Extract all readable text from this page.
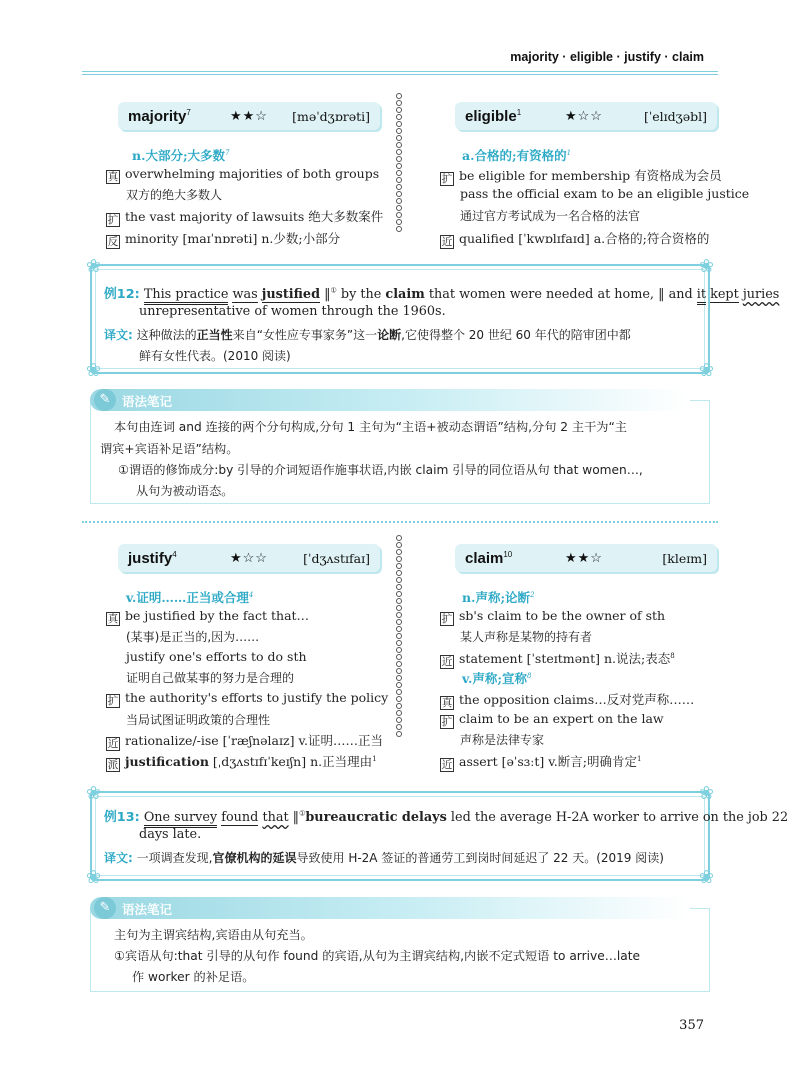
majority · eligible · justify · claim
majority$^7$	★★☆ [məˈdʒɒrəti]
n.大部分;大多数$^7$
真 overwhelming majorities of both groups
双方的绝大多数人
扩 the vast majority of lawsuits 绝大多数案件
反 minority [maɪˈnɒrəti] n.少数;小部分
eligible$^1$	★☆☆	[ˈelɪdʒəbl]
a.合格的;有资格的$^1$
扩 be eligible for membership 有资格成为会员
pass the official exam to be an eligible justice
通过官方考试成为一名合格的法官
近 qualified [ˈkwɒlɪfaɪd] a.合格的;符合资格的
❀	❀
❀	❀
例12: This practice was justified ‖① by the claim that women were needed at home, ‖ and it kept juries
unrepresentative of women through the 1960s.
译文: 这种做法的正当性来自“女性应专事家务”这一论断,它使得整个 20 世纪 60 年代的陪审团中都
鲜有女性代表。(2010 阅读)
✎ 语法笔记
本句由连词 and 连接的两个分句构成,分句 1 主句为“主语+被动态谓语”结构,分句 2 主干为“主
谓宾+宾语补足语”结构。
①谓语的修饰成分:by 引导的介词短语作施事状语,内嵌 claim 引导的同位语从句 that women…,
从句为被动语态。
justify$^4$	★☆☆	[ˈdʒʌstɪfaɪ]
v.证明……正当或合理$^4$
真 be justified by the fact that…
(某事)是正当的,因为……
justify one's efforts to do sth
证明自己做某事的努力是合理的
扩 the authority's efforts to justify the policy
当局试图证明政策的合理性
近 rationalize/-ise [ˈræʃnəlaɪz] v.证明……正当
派 justification [ˌdʒʌstɪfɪˈkeɪʃn] n.正当理由$^1$
claim$^{10}$	★★☆	[kleɪm]
n.声称;论断$^2$
扩 sb's claim to be the owner of sth
某人声称是某物的持有者
近 statement [ˈsteɪtmənt] n.说法;表态$^8$
v.声称;宣称$^8$
真 the opposition claims…反对党声称……
扩 claim to be an expert on the law
声称是法律专家
近 assert [əˈsɜːt] v.断言;明确肯定$^1$
❀	❀
❀	❀
例13: One survey found that ‖①bureaucratic delays led the average H-2A worker to arrive on the job 22
days late.
译文: 一项调查发现,官僚机构的延误导致使用 H-2A 签证的普通劳工到岗时间延迟了 22 天。(2019 阅读)
✎ 语法笔记
主句为主谓宾结构,宾语由从句充当。
①宾语从句:that 引导的从句作 found 的宾语,从句为主谓宾结构,内嵌不定式短语 to arrive…late
作 worker 的补足语。
357
